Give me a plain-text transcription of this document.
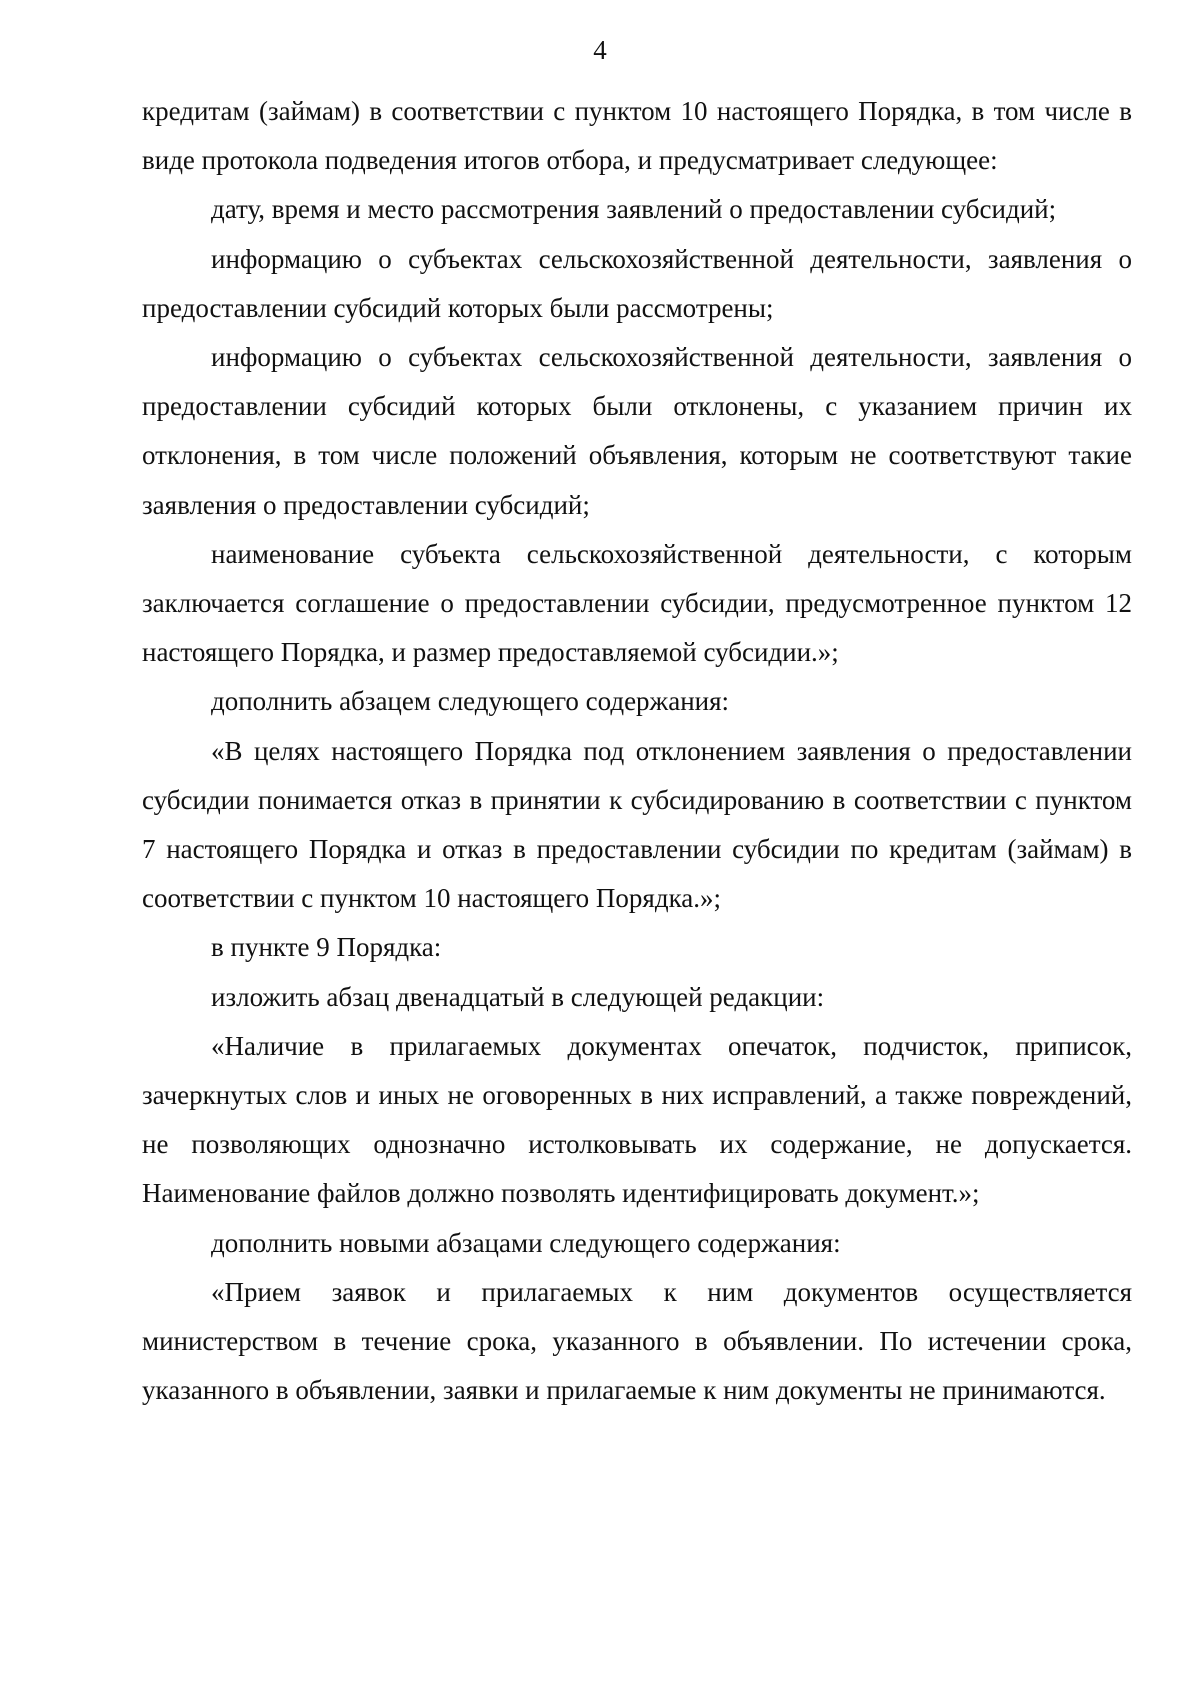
4

кредитам (займам) в соответствии с пунктом 10 настоящего Порядка, в том числе в виде протокола подведения итогов отбора, и предусматривает следующее:

дату, время и место рассмотрения заявлений о предоставлении субсидий;

информацию о субъектах сельскохозяйственной деятельности, заявления о предоставлении субсидий которых были рассмотрены;

информацию о субъектах сельскохозяйственной деятельности, заявления о предоставлении субсидий которых были отклонены, с указанием причин их отклонения, в том числе положений объявления, которым не соответствуют такие заявления о предоставлении субсидий;

наименование субъекта сельскохозяйственной деятельности, с которым заключается соглашение о предоставлении субсидии, предусмотренное пунктом 12 настоящего Порядка, и размер предоставляемой субсидии.»;

дополнить абзацем следующего содержания:

«В целях настоящего Порядка под отклонением заявления о предоставлении субсидии понимается отказ в принятии к субсидированию в соответствии с пунктом 7 настоящего Порядка и отказ в предоставлении субсидии по кредитам (займам) в соответствии с пунктом 10 настоящего Порядка.»;

в пункте 9 Порядка:

изложить абзац двенадцатый в следующей редакции:

«Наличие в прилагаемых документах опечаток, подчисток, приписок, зачеркнутых слов и иных не оговоренных в них исправлений, а также повреждений, не позволяющих однозначно истолковывать их содержание, не допускается. Наименование файлов должно позволять идентифицировать документ.»;

дополнить новыми абзацами следующего содержания:

«Прием заявок и прилагаемых к ним документов осуществляется министерством в течение срока, указанного в объявлении. По истечении срока, указанного в объявлении, заявки и прилагаемые к ним документы не принимаются.
